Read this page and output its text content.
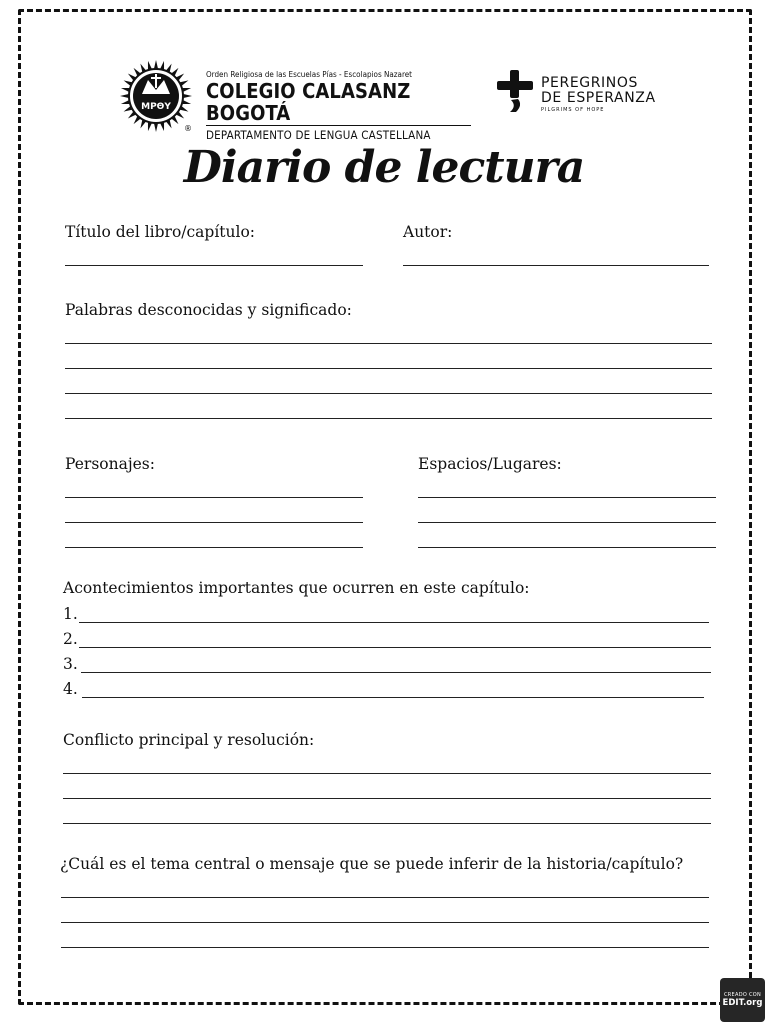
ΜΡΘΥ
®
Orden Religiosa de las Escuelas Pías - Escolapios Nazaret
COLEGIO CALASANZ BOGOTÁ
DEPARTAMENTO DE LENGUA CASTELLANA
PEREGRINOS
DE ESPERANZA
PILGRIMS OF HOPE
Diario de lectura
Título del libro/capítulo:	Autor:
Palabras desconocidas y significado:
Personajes:	Espacios/Lugares:
Acontecimientos importantes que ocurren en este capítulo:
1.
2.
3.
4.
Conflicto principal y resolución:
¿Cuál es el tema central o mensaje que se puede inferir de la historia/capítulo?
CREADO CON
EDIT.org
